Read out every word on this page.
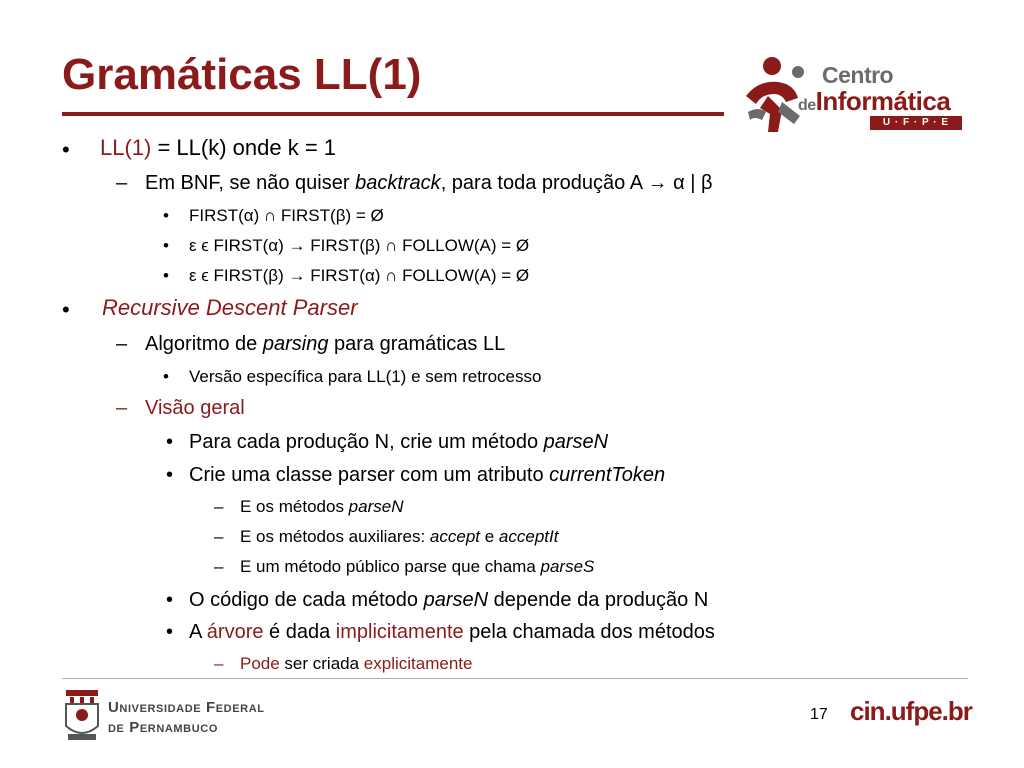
Gramáticas LL(1)	Centro
deInformática
U · F · P · E
• LL(1) = LL(k) onde k = 1
– Em BNF, se não quiser backtrack, para toda produção A → α | β
• FIRST(α) ∩ FIRST(β) = Ø
• ε ϵ FIRST(α) → FIRST(β) ∩ FOLLOW(A) = Ø
• ε ϵ FIRST(β) → FIRST(α) ∩ FOLLOW(A) = Ø
• Recursive Descent Parser
– Algoritmo de parsing para gramáticas LL
• Versão específica para LL(1) e sem retrocesso
– Visão geral
• Para cada produção N, crie um método parseN
• Crie uma classe parser com um atributo currentToken
– E os métodos parseN
– E os métodos auxiliares: accept e acceptIt
– E um método público parse que chama parseS
• O código de cada método parseN depende da produção N
• A árvore é dada implicitamente pela chamada dos métodos
– Pode ser criada explicitamente
Universidade Federal
de Pernambuco
17 cin.ufpe.br
